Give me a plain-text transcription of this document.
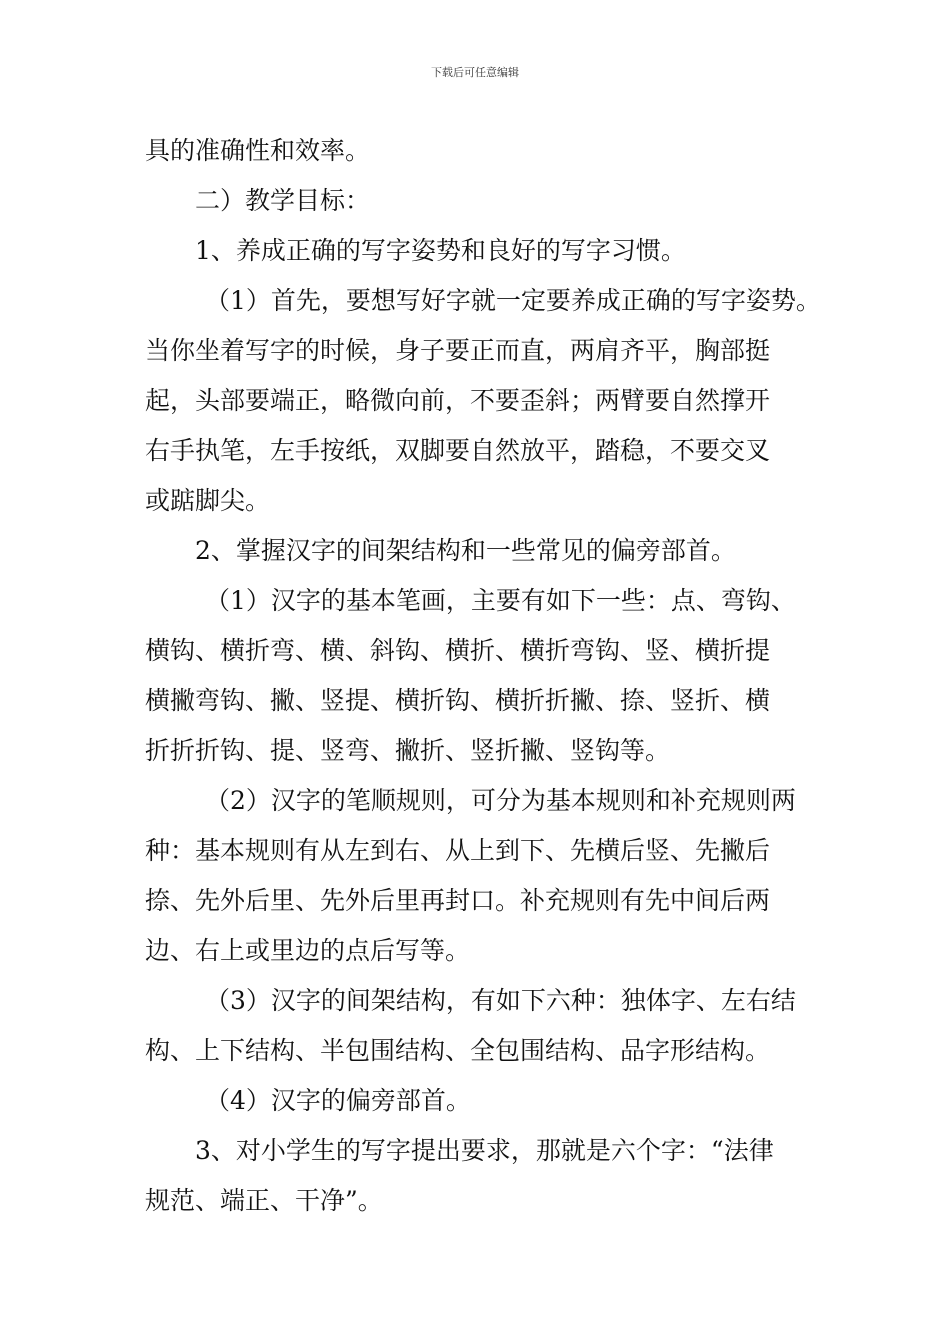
下载后可任意编辑
具的准确性和效率。
二）教学目标：
1、养成正确的写字姿势和良好的写字习惯。
（1）首先，要想写好字就一定要养成正确的写字姿势。
当你坐着写字的时候，身子要正而直，两肩齐平，胸部挺
起，头部要端正，略微向前，不要歪斜；两臂要自然撑开
右手执笔，左手按纸，双脚要自然放平，踏稳，不要交叉
或踮脚尖。
2、掌握汉字的间架结构和一些常见的偏旁部首。
（1）汉字的基本笔画，主要有如下一些：点、弯钩、
横钩、横折弯、横、斜钩、横折、横折弯钩、竖、横折提
横撇弯钩、撇、竖提、横折钩、横折折撇、捺、竖折、横
折折折钩、提、竖弯、撇折、竖折撇、竖钩等。
（2）汉字的笔顺规则，可分为基本规则和补充规则两
种：基本规则有从左到右、从上到下、先横后竖、先撇后
捺、先外后里、先外后里再封口。补充规则有先中间后两
边、右上或里边的点后写等。
（3）汉字的间架结构，有如下六种：独体字、左右结
构、上下结构、半包围结构、全包围结构、品字形结构。
（4）汉字的偏旁部首。
3、对小学生的写字提出要求，那就是六个字：“法律
规范、端正、干净”。
